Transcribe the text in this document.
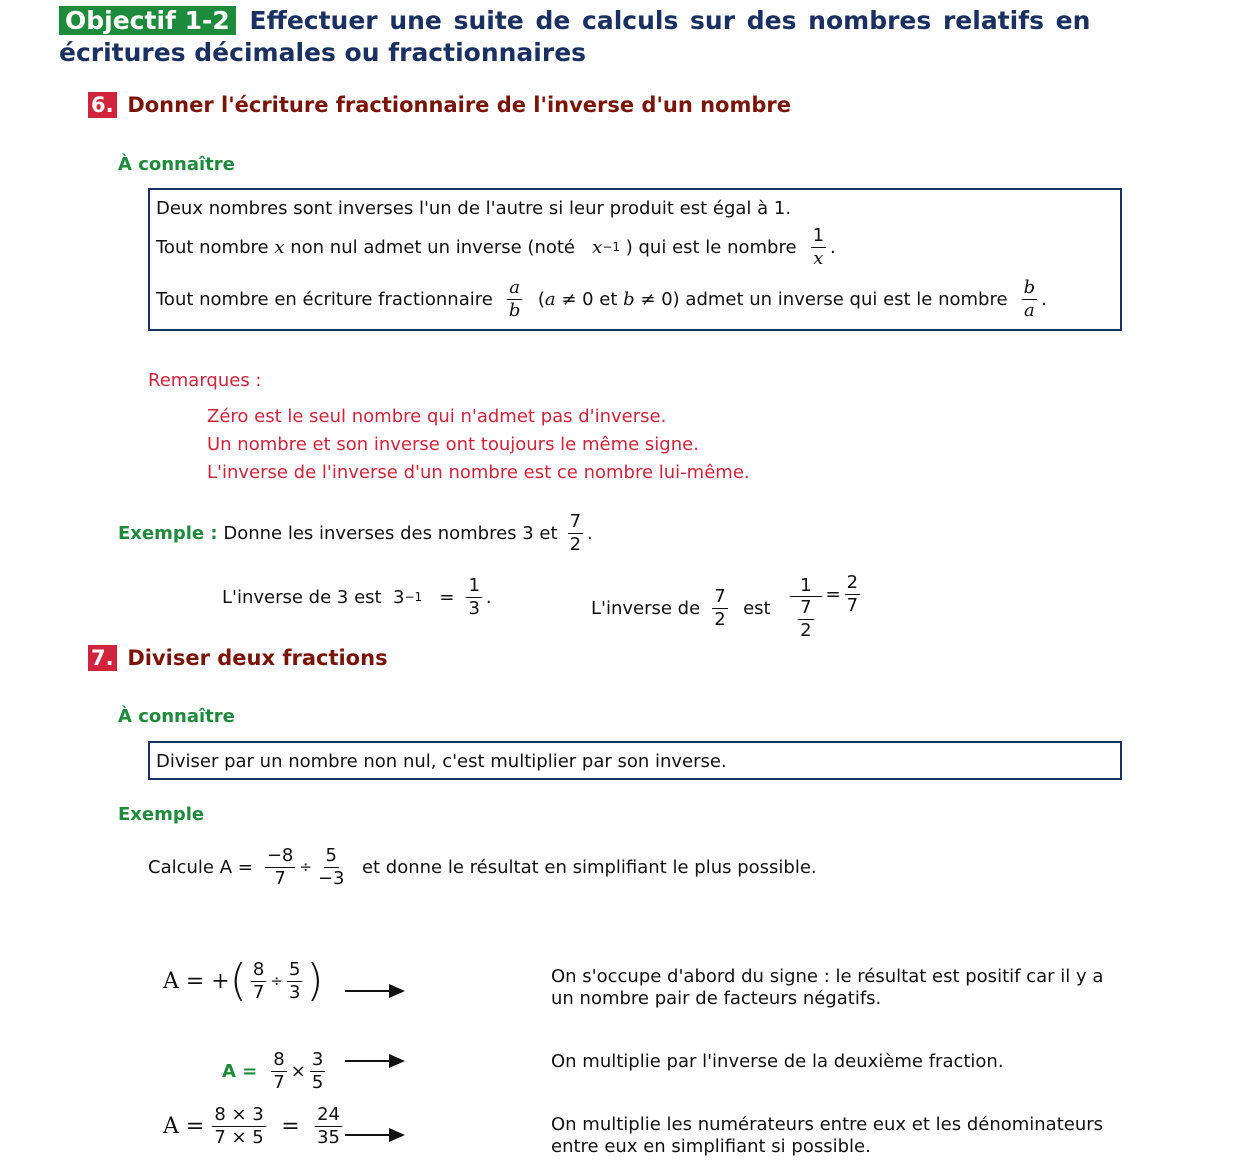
Objectif 1-2 Effectuer une suite de calculs sur des nombres relatifs en
écritures décimales ou fractionnaires
6. Donner l'écriture fractionnaire de l'inverse d'un nombre
À connaître
Deux nombres sont inverses l'un de l'autre si leur produit est égal à 1.
Tout nombre
x
non nul admet un inverse (noté
x −1
) qui est le nombre $\frac{1}{x}$ .
Tout nombre en écriture fractionnaire $\frac{a}{b}$
( a
≠ 0 et
b
≠ 0) admet un inverse qui est le nombre $\frac{b}{a}$ .
Remarques :
Zéro est le seul nombre qui n'admet pas d'inverse.
Un nombre et son inverse ont toujours le même signe.
L'inverse de l'inverse d'un nombre est ce nombre lui-même.
Exemple :
Donne les inverses des nombres 3 et $\frac{7}{2}$ .
L'inverse de 3 est
3 −1
= $\frac{1}{3}$ .
L'inverse de $\frac{7}{2}$
est
1
7
$2 = \frac{2}{7}$
7. Diviser deux fractions
À connaître
Diviser par un nombre non nul, c'est multiplier par son inverse.
Exemple
Calcule $A = \frac{-8}{7} \div \frac{5}{-3}$
et donne le résultat en simplifiant le plus possible.
A = + ( $\frac{8}{7} \div \frac{5}{3}$ )	On s'occupe d'abord du signe : le résultat est positif car il y a
un nombre pair de facteurs négatifs.
$A = \frac{8}{7} \times \frac{3}{5}$	On multiplie par l'inverse de la deuxième fraction.
$A = \frac{8 \times 3}{7 \times 5}$
=
$\frac{24}{35}$	On multiplie les numérateurs entre eux et les dénominateurs
entre eux en simplifiant si possible.
